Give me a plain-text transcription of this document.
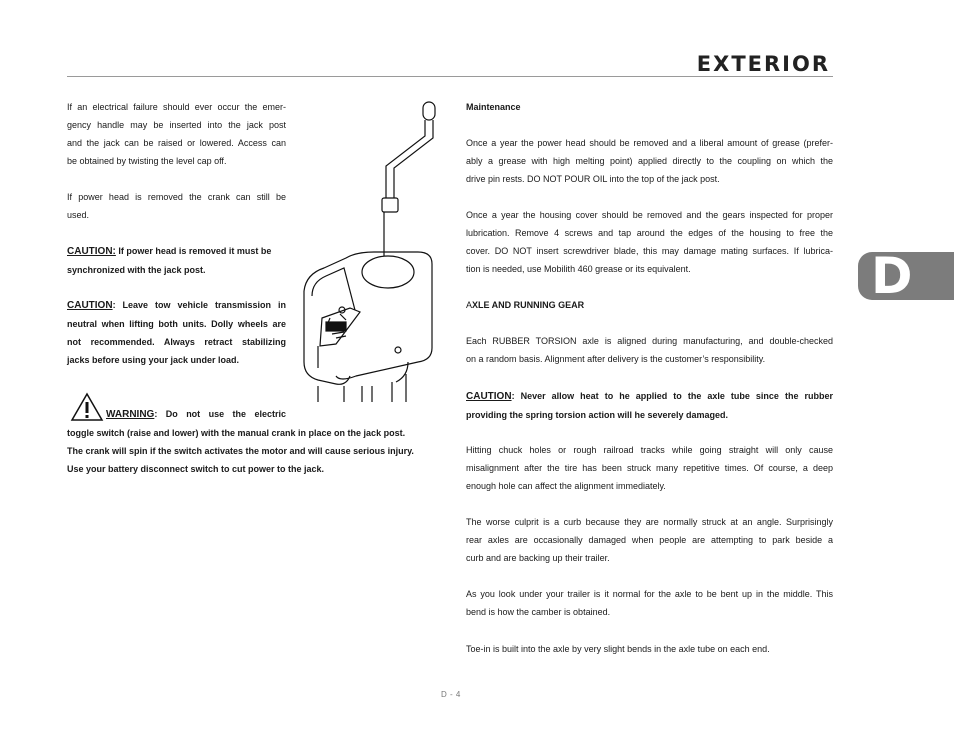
EXTERIOR
D
If an electrical failure should ever occur the emer-
gency handle may be inserted into the jack post
and the jack can be raised or lowered. Access can
be obtained by twisting the level cap off.
If power head is removed the crank can still be
used.
CAUTION: If power head is removed it must be
synchronized with the jack post.
CAUTION: Leave tow vehicle transmission in
neutral when lifting both units. Dolly wheels are
not recommended. Always retract stabilizing
jacks before using your jack under load.
WARNING: Do not use the electric
toggle switch (raise and lower) with the manual crank in place on the jack post.
The crank will spin if the switch activates the motor and will cause serious injury.
Use your battery disconnect switch to cut power to the jack.
Maintenance
Once a year the power head should be removed and a liberal amount of grease (prefer-
ably a grease with high melting point) applied directly to the coupling on which the
drive pin rests. DO NOT POUR OIL into the top of the jack post.
Once a year the housing cover should be removed and the gears inspected for proper
lubrication. Remove 4 screws and tap around the edges of the housing to free the
cover. DO NOT insert screwdriver blade, this may damage mating surfaces. If lubrica-
tion is needed, use Mobilith 460 grease or its equivalent.
AXLE AND RUNNING GEAR
Each RUBBER TORSION axle is aligned during manufacturing, and double-checked
on a random basis. Alignment after delivery is the customer’s responsibility.
CAUTION: Never allow heat to he applied to the axle tube since the rubber
providing the spring torsion action will he severely damaged.
Hitting chuck holes or rough railroad tracks while going straight will only cause
misalignment after the tire has been struck many repetitive times. Of course, a deep
enough hole can affect the alignment immediately.
The worse culprit is a curb because they are normally struck at an angle. Surprisingly
rear axles are occasionally damaged when people are attempting to park beside a
curb and are backing up their trailer.
As you look under your trailer is it normal for the axle to be bent up in the middle. This
bend is how the camber is obtained.
Toe-in is built into the axle by very slight bends in the axle tube on each end.
D - 4
